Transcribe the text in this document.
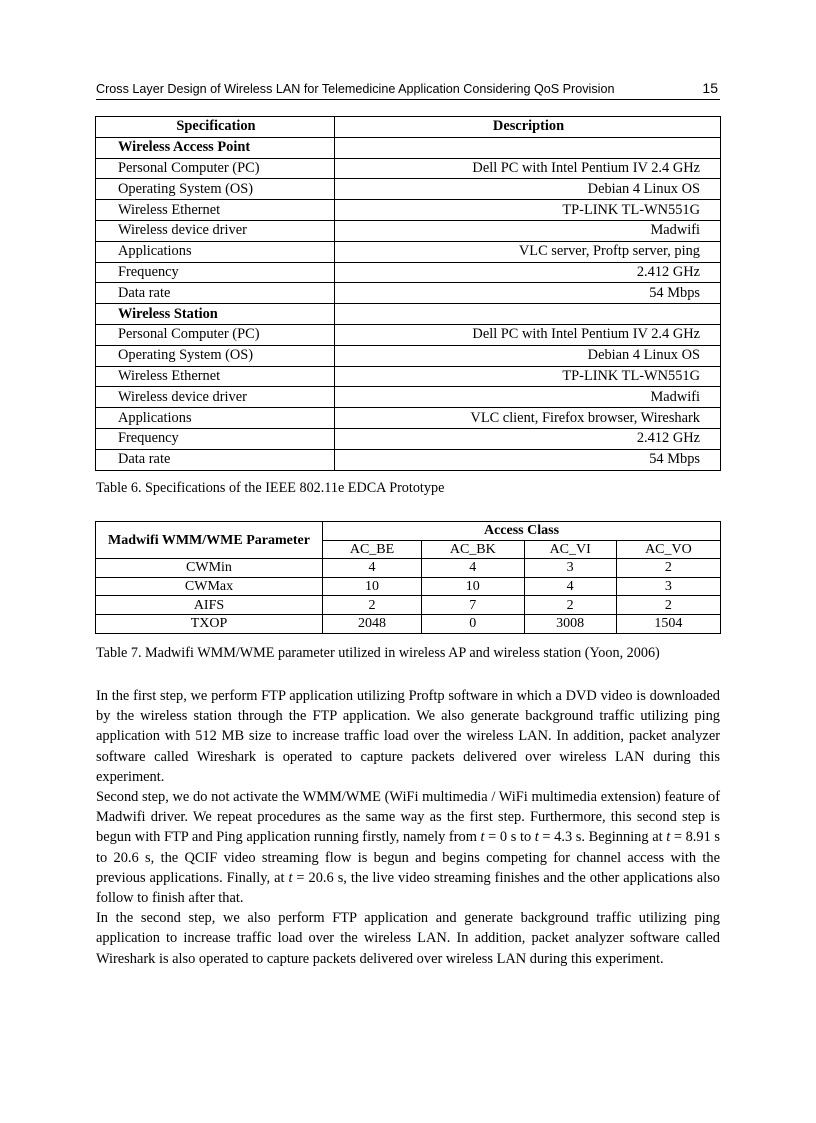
Cross Layer Design of Wireless LAN for Telemedicine Application Considering QoS Provision	15
Specification	Description
Wireless Access Point	
Personal Computer (PC)	Dell PC with Intel Pentium IV 2.4 GHz
Operating System (OS)	Debian 4 Linux OS
Wireless Ethernet	TP-LINK TL-WN551G
Wireless device driver	Madwifi
Applications	VLC server, Proftp server, ping
Frequency	2.412 GHz
Data rate	54 Mbps
Wireless Station	
Personal Computer (PC)	Dell PC with Intel Pentium IV 2.4 GHz
Operating System (OS)	Debian 4 Linux OS
Wireless Ethernet	TP-LINK TL-WN551G
Wireless device driver	Madwifi
Applications	VLC client, Firefox browser, Wireshark
Frequency	2.412 GHz
Data rate	54 Mbps
Table 6. Specifications of the IEEE 802.11e EDCA Prototype
Madwifi WMM/WME Parameter	Access Class			
	AC_BE	AC_BK	AC_VI	AC_VO
CWMin	4	4	3	2
CWMax	10	10	4	3
AIFS	2	7	2	2
TXOP	2048	0	3008	1504
Table 7. Madwifi WMM/WME parameter utilized in wireless AP and wireless station (Yoon, 2006)

In the first step, we perform FTP application utilizing Proftp software in which a DVD video is downloaded by the wireless station through the FTP application. We also generate background traffic utilizing ping application with 512 MB size to increase traffic load over the wireless LAN. In addition, packet analyzer software called Wireshark is operated to capture packets delivered over wireless LAN during this experiment.

Second step, we do not activate the WMM/WME (WiFi multimedia / WiFi multimedia extension) feature of Madwifi driver. We repeat procedures as the same way as the first step. Furthermore, this second step is begun with FTP and Ping application running firstly, namely from t = 0 s to t = 4.3 s. Beginning at t = 8.91 s to 20.6 s, the QCIF video streaming flow is begun and begins competing for channel access with the previous applications. Finally, at t = 20.6 s, the live video streaming finishes and the other applications also follow to finish after that.

In the second step, we also perform FTP application and generate background traffic utilizing ping application to increase traffic load over the wireless LAN. In addition, packet analyzer software called Wireshark is also operated to capture packets delivered over wireless LAN during this experiment.
